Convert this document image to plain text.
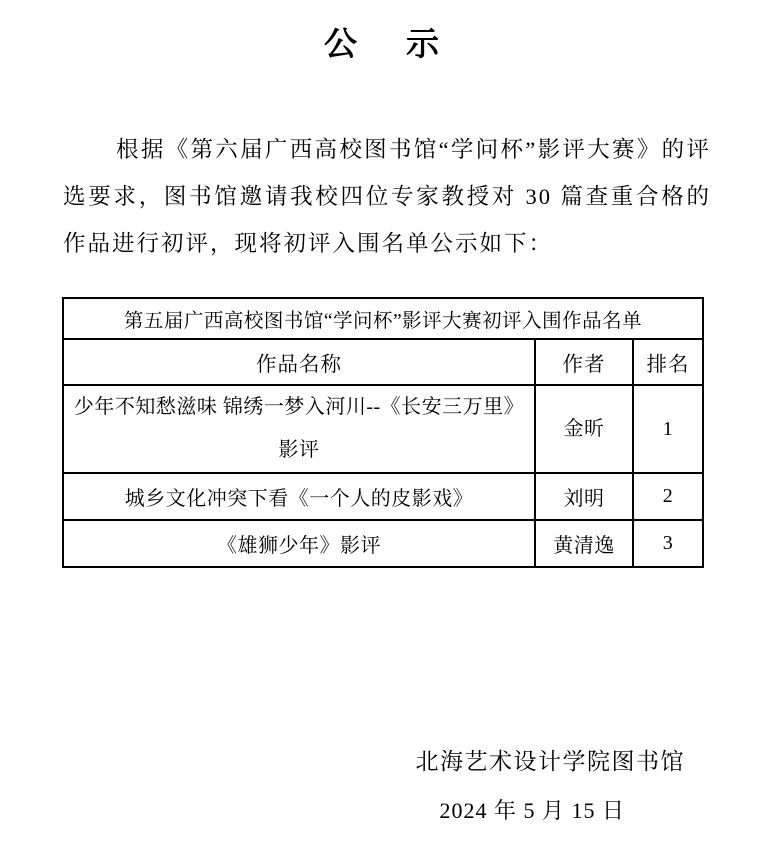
公　示

根据《第六届广西高校图书馆“学问杯”影评大赛》的评选要求，图书馆邀请我校四位专家教授对 30 篇查重合格的作品进行初评，现将初评入围名单公示如下：

第五届广西高校图书馆“学问杯”影评大赛初评入围作品名单		
作品名称	作者	排名
少年不知愁滋味 锦绣一梦入河川--《长安三万里》影评	金昕	1
城乡文化冲突下看《一个人的皮影戏》	刘明	2
《雄狮少年》影评	黄清逸	3
北海艺术设计学院图书馆
2024 年 5 月 15 日
